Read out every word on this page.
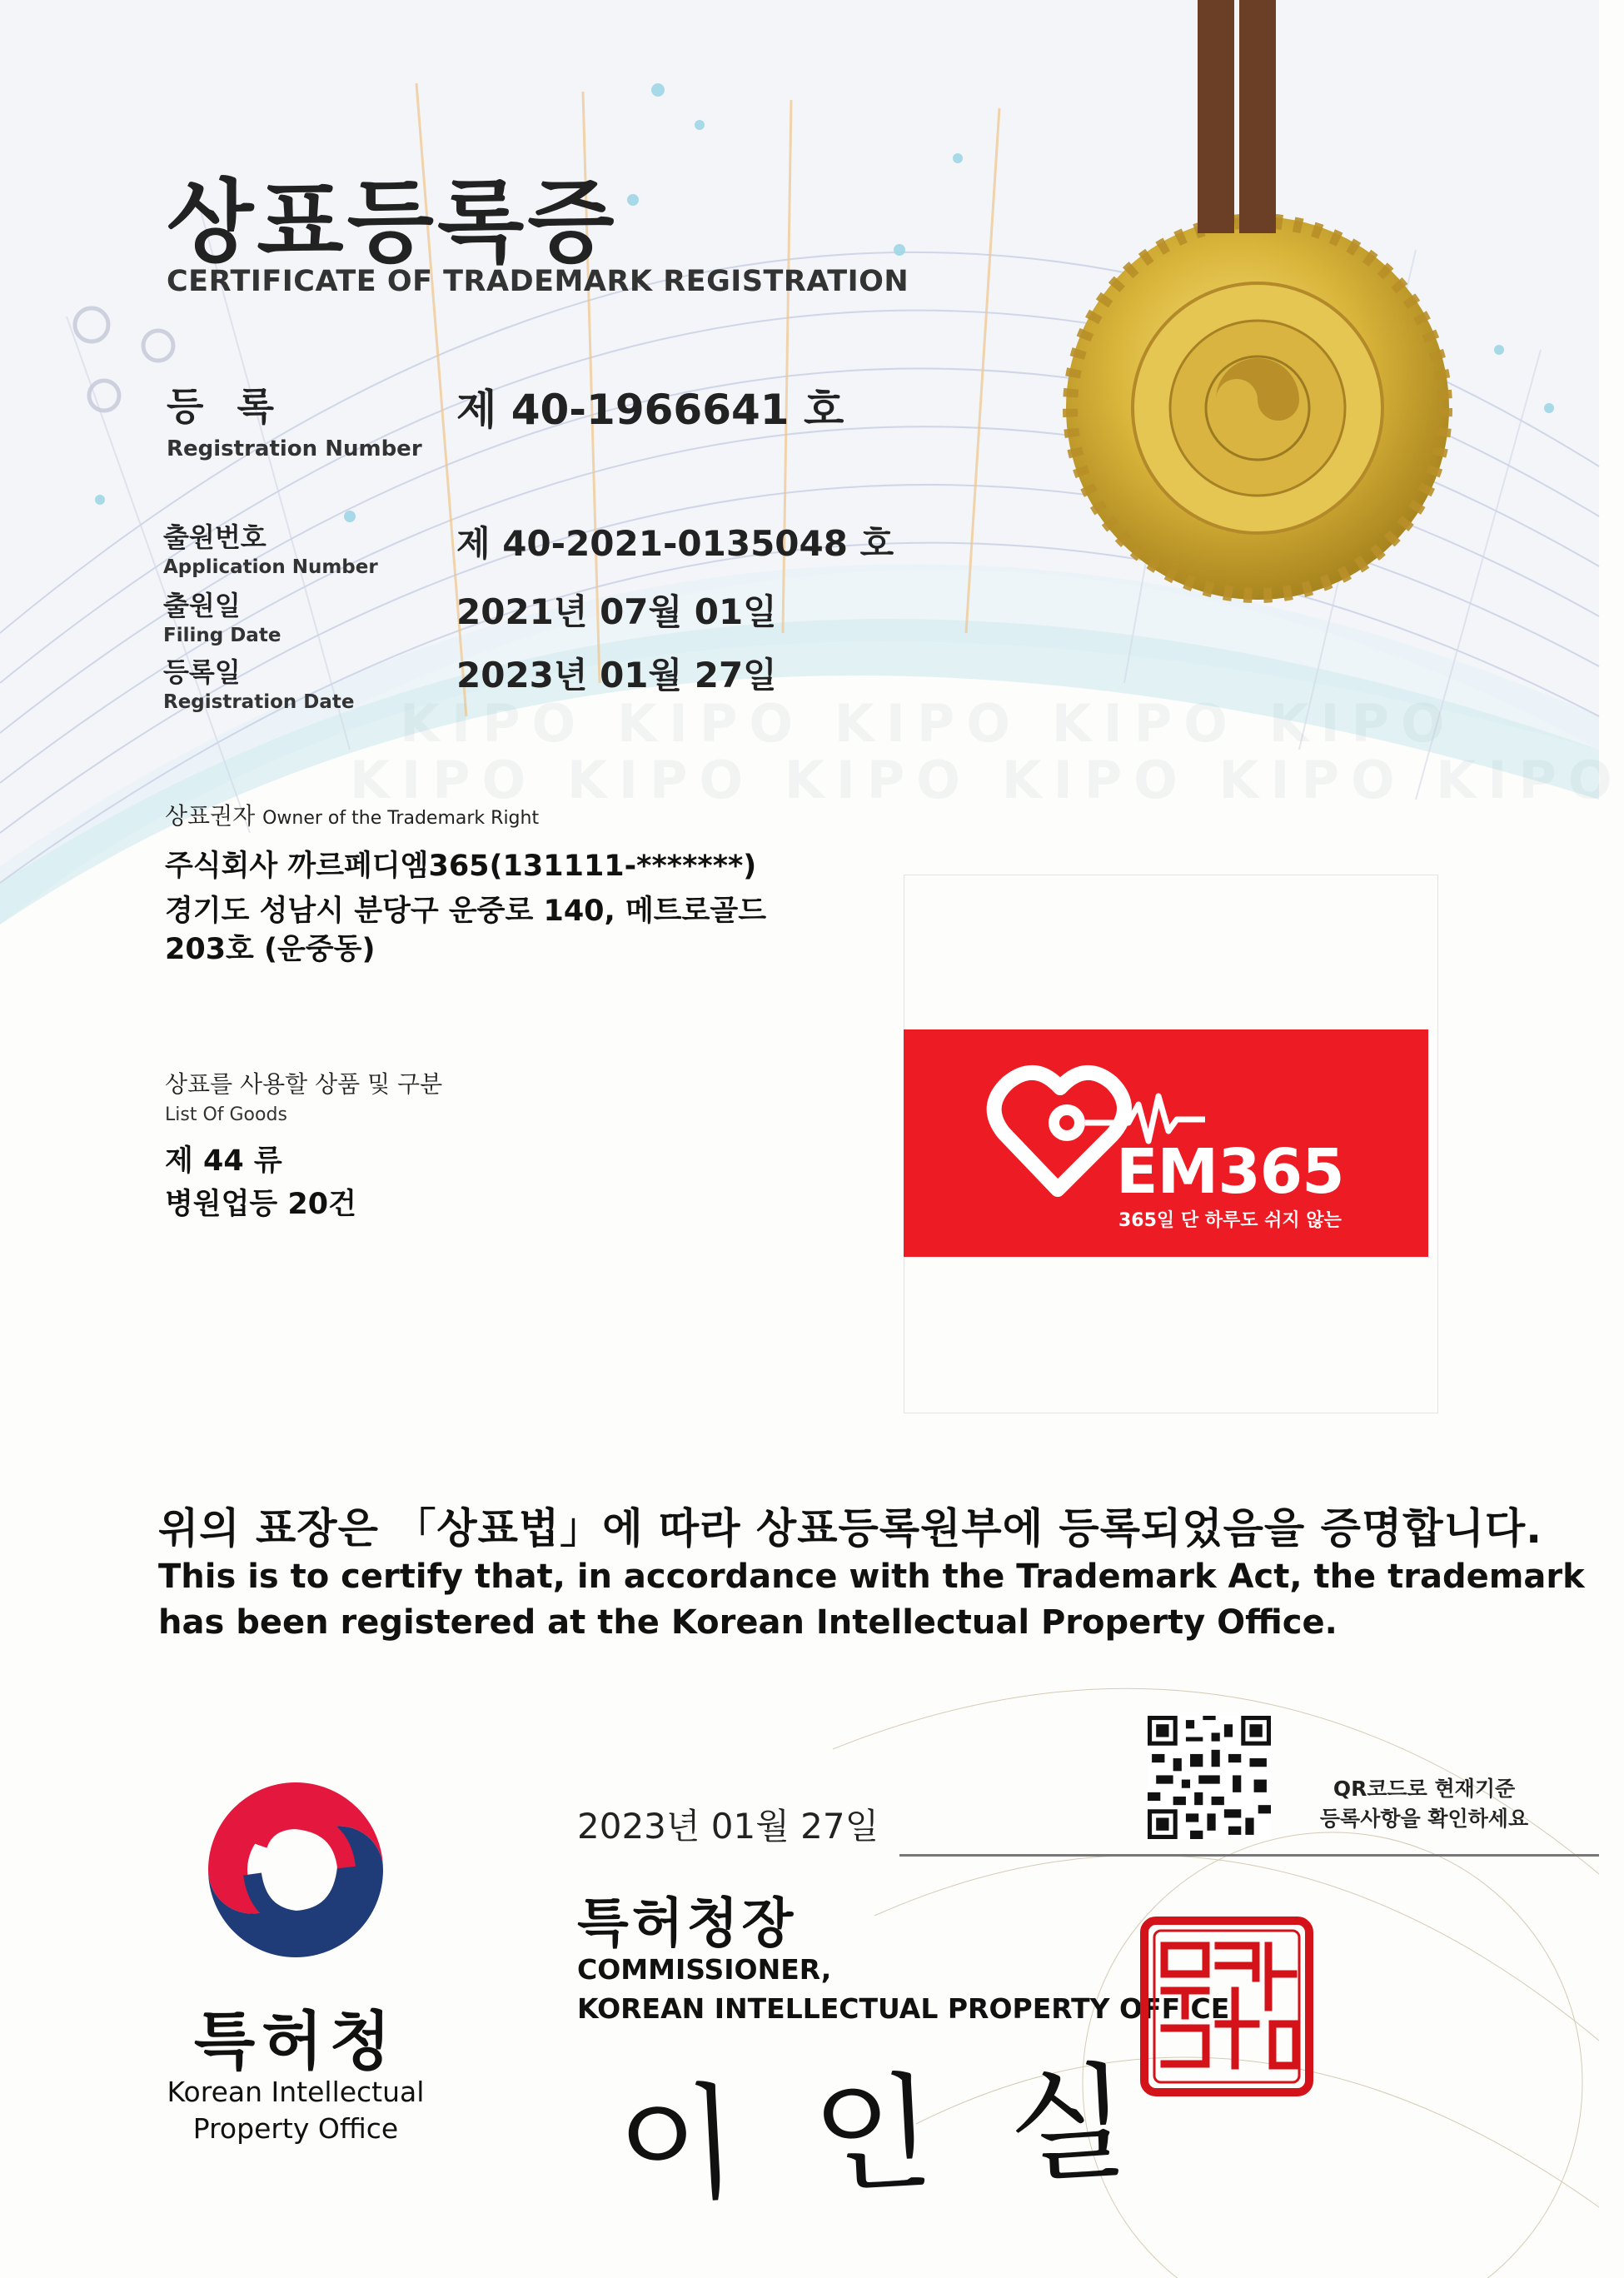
KIPO KIPO KIPO KIPO KIPO
KIPO KIPO KIPO KIPO KIPO KIPO
상표등록증
CERTIFICATE OF TRADEMARK REGISTRATION
등 록
Registration Number
제 40-1966641 호
출원번호
Application Number
제 40-2021-0135048 호
출원일
Filing Date
2021년 07월 01일
등록일
Registration Date
2023년 01월 27일
상표권자 Owner of the Trademark Right
주식회사 까르페디엠365(131111-*******)
경기도 성남시 분당구 운중로 140, 메트로골드
203호 (운중동)
상표를 사용할 상품 및 구분
List Of Goods
제 44 류
병원업등 20건	EM365
365일 단 하루도 쉬지 않는
위의 표장은 「상표법」에 따라 상표등록원부에 등록되었음을 증명합니다.
This is to certify that, in accordance with the Trademark Act, the trademark
has been registered at the Korean Intellectual Property Office.
특허청
Korean Intellectual
Property Office
2023년 01월 27일
특허청장
COMMISSIONER,
KOREAN INTELLECTUAL PROPERTY OFFICE
이인실
QR코드로 현재기준
등록사항을 확인하세요
